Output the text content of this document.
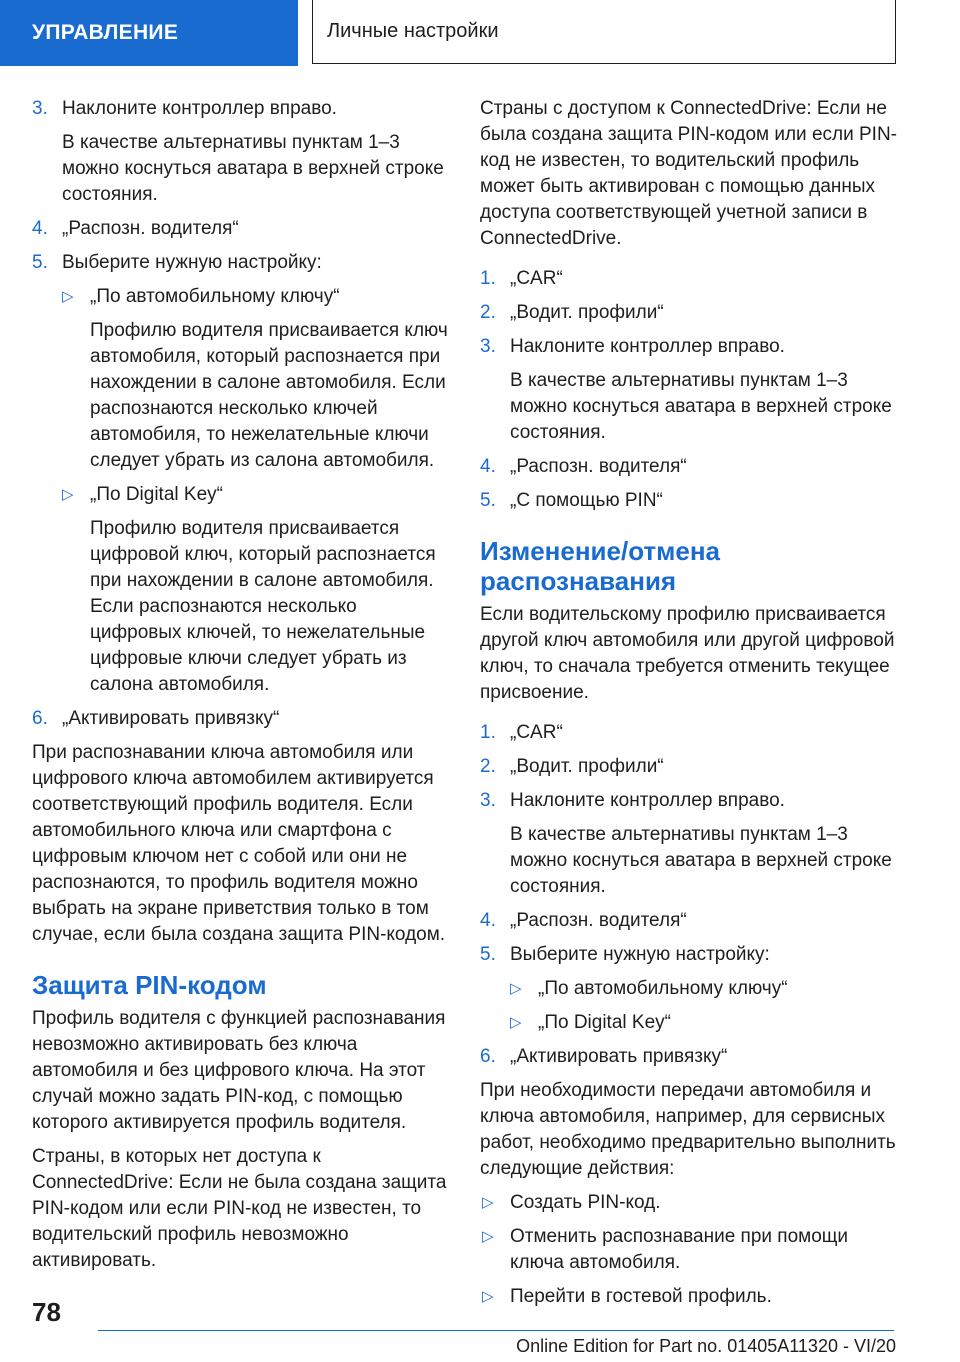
УПРАВЛЕНИЕ	Личные настройки
3. Наклоните контроллер вправо.
В качестве альтернативы пунктам 1–3 можно коснуться аватара в верхней строке состояния.
4. „Распозн. водителя“
5. Выберите нужную настройку:
▷ „По автомобильному ключу“
Профилю водителя присваивается ключ автомобиля, который распознается при нахождении в салоне автомобиля. Если распознаются несколько ключей автомобиля, то нежелательные ключи следует убрать из салона автомобиля.
▷ „По Digital Key“
Профилю водителя присваивается цифровой ключ, который распознается при нахождении в салоне автомобиля. Если распознаются несколько цифровых ключей, то нежелательные цифровые ключи следует убрать из салона автомобиля.
6. „Активировать привязку“

При распознавании ключа автомобиля или цифрового ключа автомобилем активируется соответствующий профиль водителя. Если автомобильного ключа или смартфона с цифровым ключом нет с собой или они не распознаются, то профиль водителя можно выбрать на экране приветствия только в том случае, если была создана защита PIN-кодом.

Защита PIN-кодом

Профиль водителя с функцией распознавания невозможно активировать без ключа автомобиля и без цифрового ключа. На этот случай можно задать PIN-код, с помощью которого активируется профиль водителя.

Страны, в которых нет доступа к ConnectedDrive: Если не была создана защита PIN-кодом или если PIN-код не известен, то водительский профиль невозможно активировать.

Страны с доступом к ConnectedDrive: Если не была создана защита PIN-кодом или если PIN-код не известен, то водительский профиль может быть активирован с помощью данных доступа соответствующей учетной записи в ConnectedDrive.

1. „CAR“
2. „Водит. профили“
3. Наклоните контроллер вправо.
В качестве альтернативы пунктам 1–3 можно коснуться аватара в верхней строке состояния.
4. „Распозн. водителя“
5. „С помощью PIN“
Изменение/отмена распознавания

Если водительскому профилю присваивается другой ключ автомобиля или другой цифровой ключ, то сначала требуется отменить текущее присвоение.

1. „CAR“
2. „Водит. профили“
3. Наклоните контроллер вправо.
В качестве альтернативы пунктам 1–3 можно коснуться аватара в верхней строке состояния.
4. „Распозн. водителя“
5. Выберите нужную настройку:
▷ „По автомобильному ключу“
▷ „По Digital Key“
6. „Активировать привязку“

При необходимости передачи автомобиля и ключа автомобиля, например, для сервисных работ, необходимо предварительно выполнить следующие действия:

▷ Создать PIN-код.
▷ Отменить распознавание при помощи ключа автомобиля.
▷ Перейти в гостевой профиль.
78
Online Edition for Part no. 01405A11320 - VI/20
